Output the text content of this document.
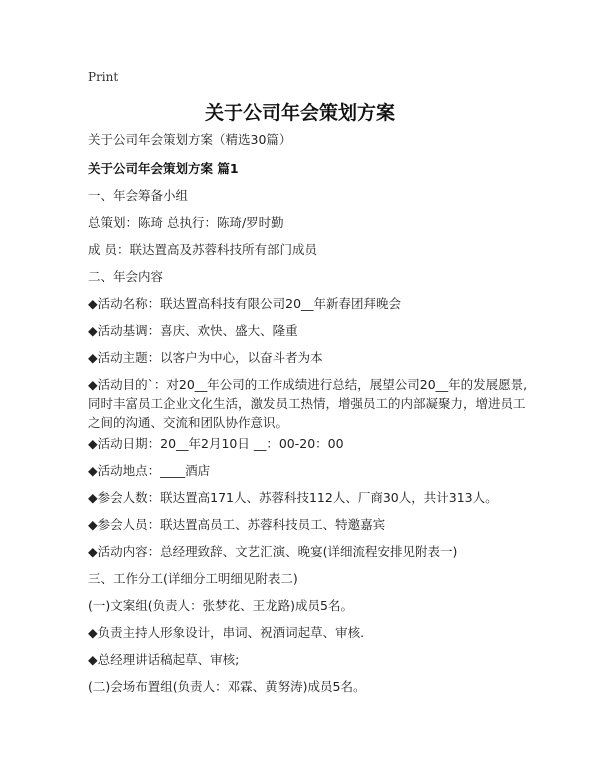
Print
关于公司年会策划方案
关于公司年会策划方案（精选30篇）
关于公司年会策划方案 篇1
一、年会筹备小组
总策划：陈琦 总执行：陈琦/罗时勤
成 员：联达置高及苏蓉科技所有部门成员
二、年会内容
◆活动名称：联达置高科技有限公司20__年新春团拜晚会
◆活动基调：喜庆、欢快、盛大、隆重
◆活动主题：以客户为中心，以奋斗者为本
◆活动目的`：对20__年公司的工作成绩进行总结，展望公司20__年的发展愿景,同时丰富员工企业文化生活，激发员工热情，增强员工的内部凝聚力，增进员工之间的沟通、交流和团队协作意识。
◆活动日期：20__年2月10日 __：00-20：00
◆活动地点：____酒店
◆参会人数：联达置高171人、苏蓉科技112人、厂商30人，共计313人。
◆参会人员：联达置高员工、苏蓉科技员工、特邀嘉宾
◆活动内容：总经理致辞、文艺汇演、晚宴(详细流程安排见附表一)
三、工作分工(详细分工明细见附表二)
(一)文案组(负责人：张梦花、王龙路)成员5名。
◆负责主持人形象设计，串词、祝酒词起草、审核.
◆总经理讲话稿起草、审核;
(二)会场布置组(负责人：邓霖、黄努涛)成员5名。
